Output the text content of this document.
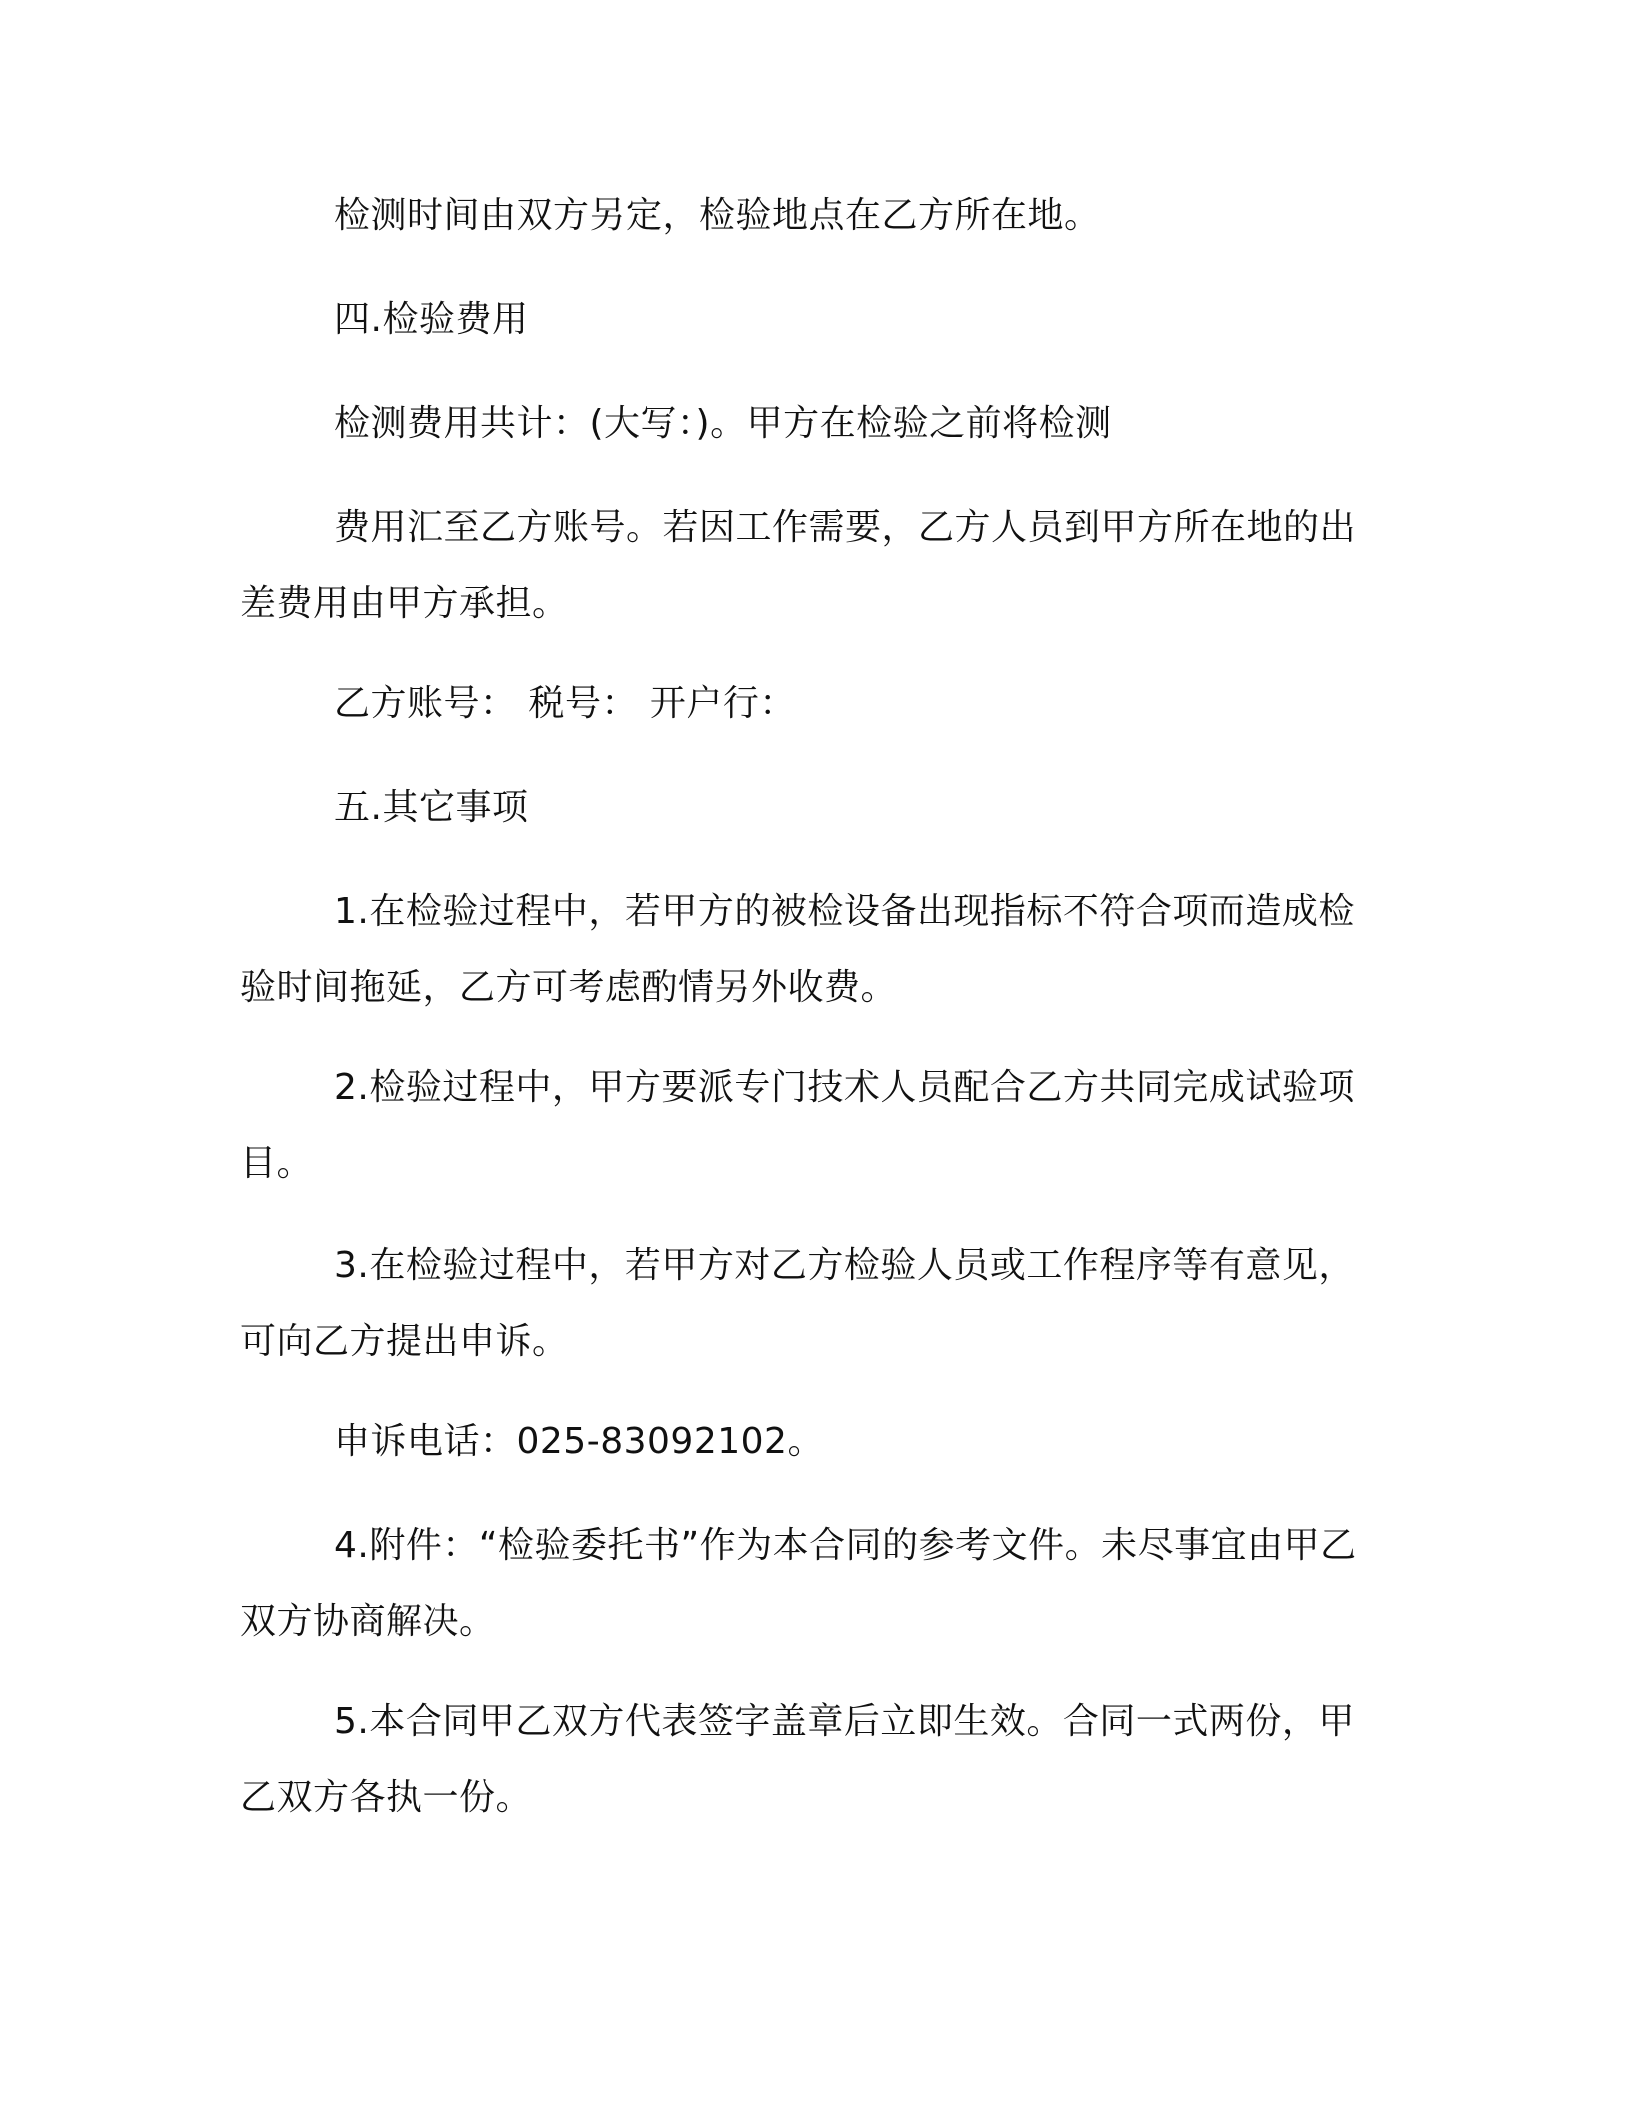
检测时间由双方另定，检验地点在乙方所在地。

四.检验费用

检测费用共计：(大写：)。甲方在检验之前将检测

费用汇至乙方账号。若因工作需要，乙方人员到甲方所在地的出差费用由甲方承担。

乙方账号： 税号： 开户行：

五.其它事项

1.在检验过程中，若甲方的被检设备出现指标不符合项而造成检验时间拖延，乙方可考虑酌情另外收费。

2.检验过程中，甲方要派专门技术人员配合乙方共同完成试验项目。

3.在检验过程中，若甲方对乙方检验人员或工作程序等有意见，可向乙方提出申诉。

申诉电话：025-83092102。

4.附件：“检验委托书”作为本合同的参考文件。未尽事宜由甲乙双方协商解决。

5.本合同甲乙双方代表签字盖章后立即生效。合同一式两份，甲乙双方各执一份。
